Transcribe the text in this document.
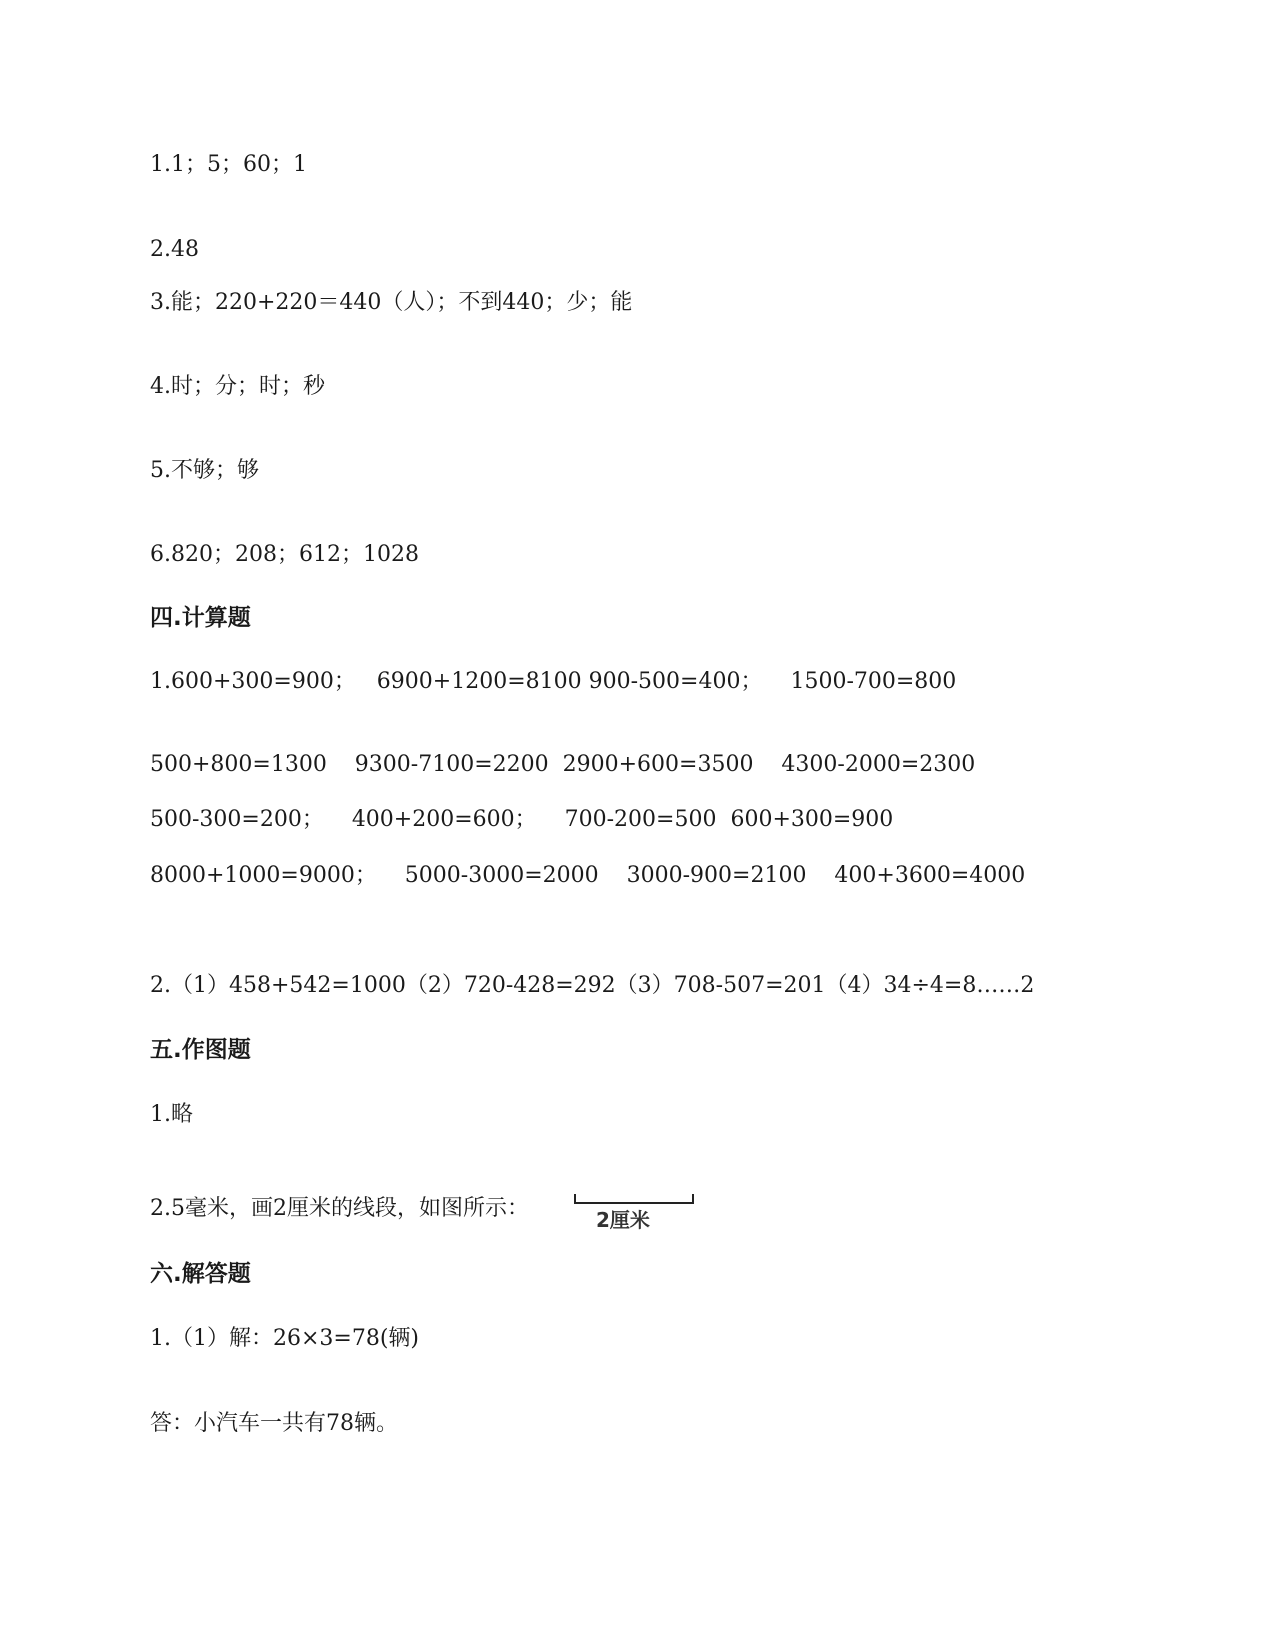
1.1；5；60；1
2.48
3.能；220+220＝440（人）；不到440；少；能
4.时；分；时；秒
5.不够；够
6.820；208；612；1028
四.计算题
1.600+300=900；   6900+1200=8100 900-500=400；    1500-700=800
500+800=1300    9300-7100=2200  2900+600=3500    4300-2000=2300
500-300=200；    400+200=600；    700-200=500  600+300=900
8000+1000=9000；    5000-3000=2000    3000-900=2100    400+3600=4000
2.（1）458+542=1000（2）720-428=292（3）708-507=201（4）34÷4=8……2
五.作图题
1.略
2.5毫米，画2厘米的线段，如图所示：	2厘米
六.解答题
1.（1）解：26×3=78(辆)
答：小汽车一共有78辆。
